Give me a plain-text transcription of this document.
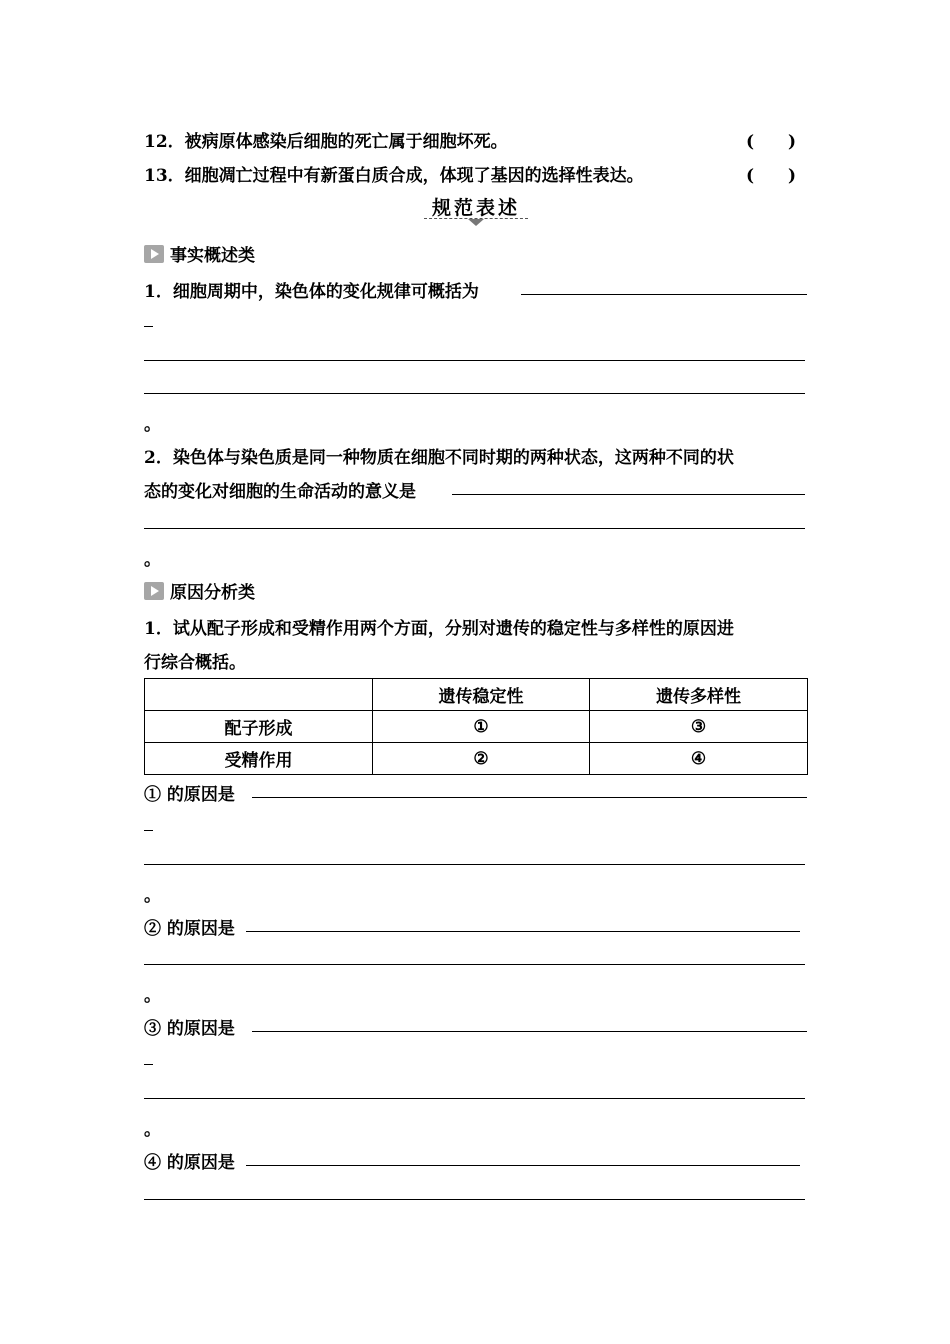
12．被病原体感染后细胞的死亡属于细胞坏死。	(　　)
13．细胞凋亡过程中有新蛋白质合成，体现了基因的选择性表达。	(　　)
规范表述
事实概述类
1．细胞周期中，染色体的变化规律可概括为
。
2．染色体与染色质是同一种物质在细胞不同时期的两种状态，这两种不同的状
态的变化对细胞的生命活动的意义是
。
原因分析类
1．试从配子形成和受精作用两个方面，分别对遗传的稳定性与多样性的原因进
行综合概括。
	遗传稳定性	遗传多样性
配子形成	①	③
受精作用	②	④
① 的原因是
。
② 的原因是
。
③ 的原因是
。
④ 的原因是
